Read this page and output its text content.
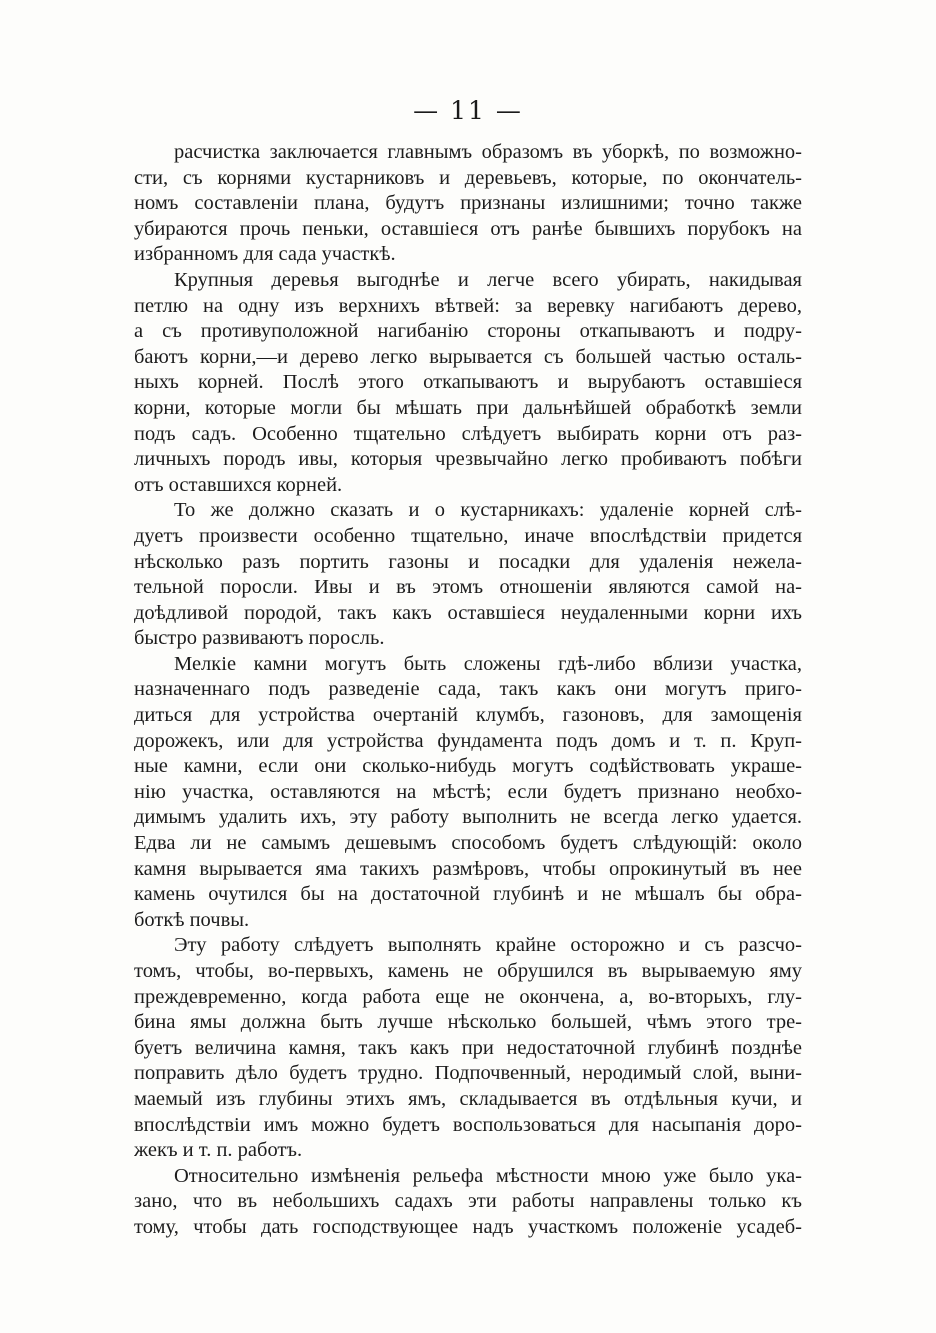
— 11 —
расчистка заключается главнымъ образомъ въ уборкѣ, по возможно-
сти, съ корнями кустарниковъ и деревьевъ, которые, по окончатель-
номъ составленіи плана, будутъ признаны излишними; точно также
убираются прочь пеньки, оставшіеся отъ ранѣе бывшихъ порубокъ на
избранномъ для сада участкѣ.
Крупныя деревья выгоднѣе и легче всего убирать, накидывая
петлю на одну изъ верхнихъ вѣтвей: за веревку нагибаютъ дерево,
а съ противуположной нагибанію стороны откапываютъ и подру-
баютъ корни,—и дерево легко вырывается съ большей частью осталь-
ныхъ корней. Послѣ этого откапываютъ и вырубаютъ оставшіеся
корни, которые могли бы мѣшать при дальнѣйшей обработкѣ земли
подъ садъ. Особенно тщательно слѣдуетъ выбирать корни отъ раз-
личныхъ породъ ивы, которыя чрезвычайно легко пробиваютъ побѣги
отъ оставшихся корней.
То же должно сказать и о кустарникахъ: удаленіе корней слѣ-
дуетъ произвести особенно тщательно, иначе впослѣдствіи придется
нѣсколько разъ портить газоны и посадки для удаленія нежела-
тельной поросли. Ивы и въ этомъ отношеніи являются самой на-
доѣдливой породой, такъ какъ оставшіеся неудаленными корни ихъ
быстро развиваютъ поросль.
Мелкіе камни могутъ быть сложены гдѣ-либо вблизи участка,
назначеннаго подъ разведеніе сада, такъ какъ они могутъ приго-
диться для устройства очертаній клумбъ, газоновъ, для замощенія
дорожекъ, или для устройства фундамента подъ домъ и т. п. Круп-
ные камни, если они сколько-нибудь могутъ содѣйствовать украше-
нію участка, оставляются на мѣстѣ; если будетъ признано необхо-
димымъ удалить ихъ, эту работу выполнить не всегда легко удается.
Едва ли не самымъ дешевымъ способомъ будетъ слѣдующій: около
камня вырывается яма такихъ размѣровъ, чтобы опрокинутый въ нее
камень очутился бы на достаточной глубинѣ и не мѣшалъ бы обра-
боткѣ почвы.
Эту работу слѣдуетъ выполнять крайне осторожно и съ разсчо-
томъ, чтобы, во-первыхъ, камень не обрушился въ вырываемую яму
преждевременно, когда работа еще не окончена, а, во-вторыхъ, глу-
бина ямы должна быть лучше нѣсколько большей, чѣмъ этого тре-
буетъ величина камня, такъ какъ при недостаточной глубинѣ позднѣе
поправить дѣло будетъ трудно. Подпочвенный, неродимый слой, выни-
маемый изъ глубины этихъ ямъ, складывается въ отдѣльныя кучи, и
впослѣдствіи имъ можно будетъ воспользоваться для насыпанія доро-
жекъ и т. п. работъ.
Относительно измѣненія рельефа мѣстности мною уже было ука-
зано, что въ небольшихъ садахъ эти работы направлены только къ
тому, чтобы дать господствующее надъ участкомъ положеніе усадеб-
